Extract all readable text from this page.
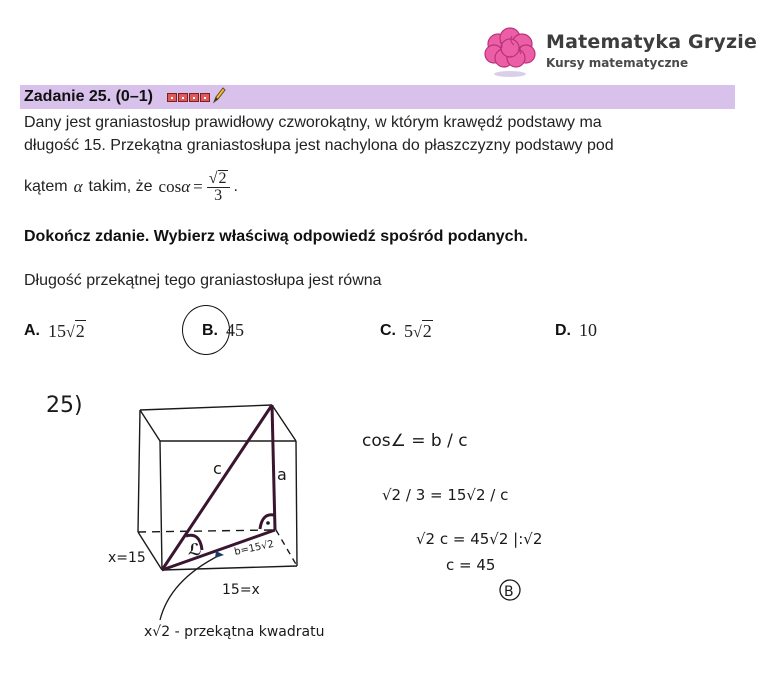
Matematyka Gryzie
Kursy matematyczne
Zadanie 25. (0–1)
Dany jest graniastosłup prawidłowy czworokątny, w którym krawędź podstawy ma
długość 15. Przekątna graniastosłupa jest nachylona do płaszczyzny podstawy pod
kątem α takim, że $\cos \alpha = \frac{√ 2}{3}$ .
Dokończ zdanie. Wybierz właściwą odpowiedź spośród podanych.
Długość przekątnej tego graniastosłupa jest równa
A. 15 √ 2	B. 45	C. 5 √ 2	D. 10
25)
ℒ
c	a
x=15
b=15√2
15=x
x√2 - przekątna kwadratu
cos∠ = b / c
√2 / 3 = 15√2 / c
√2 c = 45√2 |:√2
c = 45
B
